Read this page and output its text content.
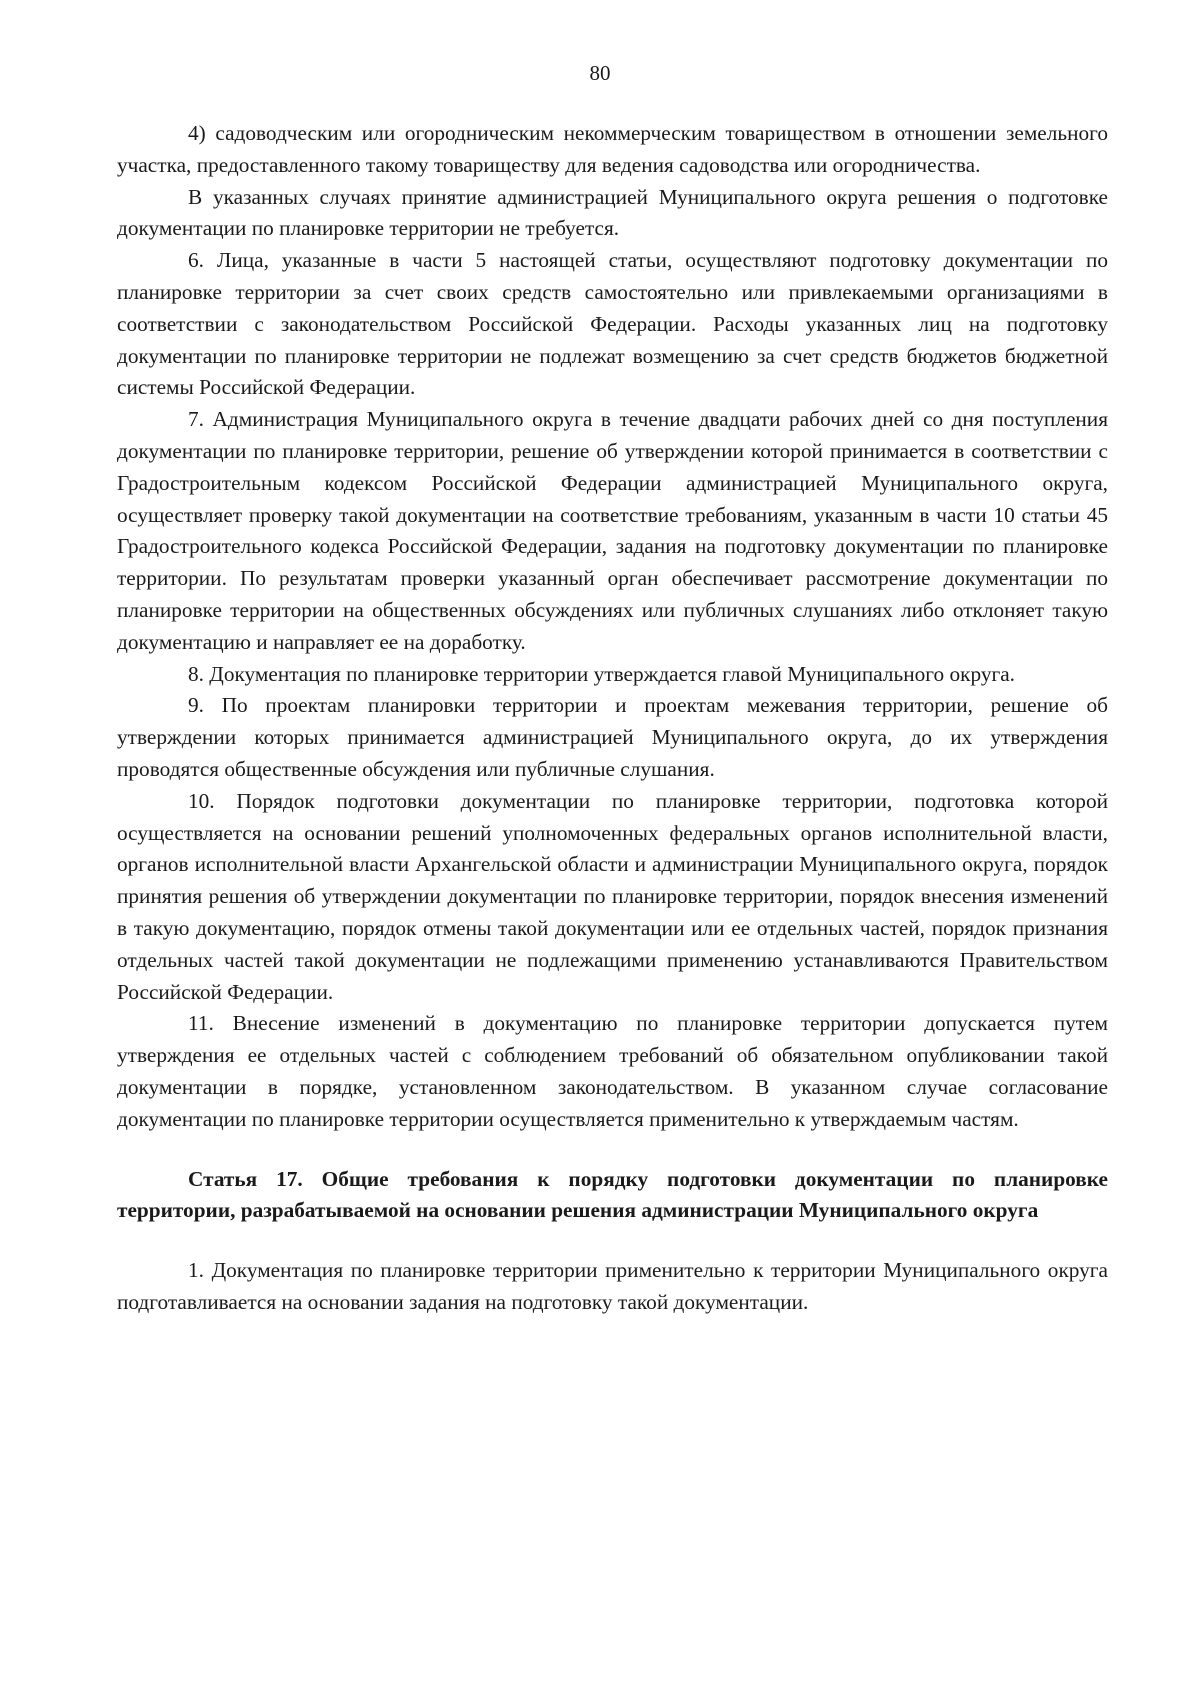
80

4) садоводческим или огородническим некоммерческим товариществом в отношении земельного участка, предоставленного такому товариществу для ведения садоводства или огородничества.

В указанных случаях принятие администрацией Муниципального округа решения о подготовке документации по планировке территории не требуется.

6. Лица, указанные в части 5 настоящей статьи, осуществляют подготовку документации по планировке территории за счет своих средств самостоятельно или привлекаемыми организациями в соответствии с законодательством Российской Федерации. Расходы указанных лиц на подготовку документации по планировке территории не подлежат возмещению за счет средств бюджетов бюджетной системы Российской Федерации.

7. Администрация Муниципального округа в течение двадцати рабочих дней со дня поступления документации по планировке территории, решение об утверждении которой принимается в соответствии с Градостроительным кодексом Российской Федерации администрацией Муниципального округа, осуществляет проверку такой документации на соответствие требованиям, указанным в части 10 статьи 45 Градостроительного кодекса Российской Федерации, задания на подготовку документации по планировке территории. По результатам проверки указанный орган обеспечивает рассмотрение документации по планировке территории на общественных обсуждениях или публичных слушаниях либо отклоняет такую документацию и направляет ее на доработку.

8. Документация по планировке территории утверждается главой Муниципального округа.

9. По проектам планировки территории и проектам межевания территории, решение об утверждении которых принимается администрацией Муниципального округа, до их утверждения проводятся общественные обсуждения или публичные слушания.

10. Порядок подготовки документации по планировке территории, подготовка которой осуществляется на основании решений уполномоченных федеральных органов исполнительной власти, органов исполнительной власти Архангельской области и администрации Муниципального округа, порядок принятия решения об утверждении документации по планировке территории, порядок внесения изменений в такую документацию, порядок отмены такой документации или ее отдельных частей, порядок признания отдельных частей такой документации не подлежащими применению устанавливаются Правительством Российской Федерации.

11. Внесение изменений в документацию по планировке территории допускается путем утверждения ее отдельных частей с соблюдением требований об обязательном опубликовании такой документации в порядке, установленном законодательством. В указанном случае согласование документации по планировке территории осуществляется применительно к утверждаемым частям.

Статья 17. Общие требования к порядку подготовки документации по планировке территории, разрабатываемой на основании решения администрации Муниципального округа

1. Документация по планировке территории применительно к территории Муниципального округа подготавливается на основании задания на подготовку такой документации.
